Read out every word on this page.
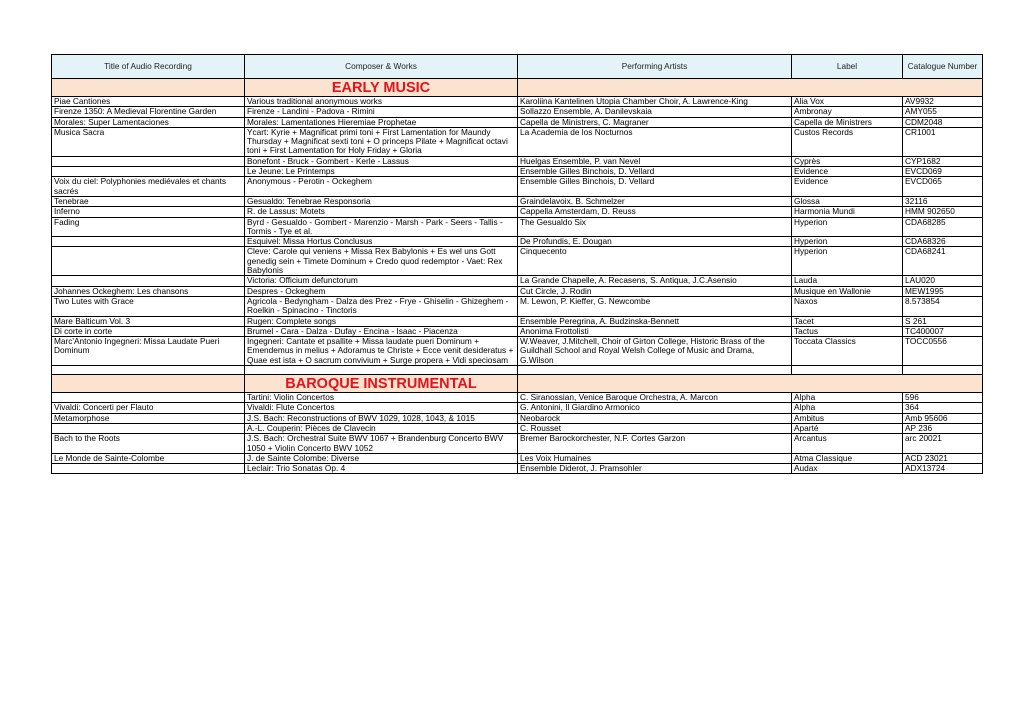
Title of Audio Recording	Composer & Works	Performing Artists	Label	Catalogue Number
	EARLY MUSIC			
Piae Cantiones	Various traditional anonymous works	Karoliina Kantelinen Utopia Chamber Choir, A. Lawrence-King	Alia Vox	AV9932
Firenze 1350: A Medieval Florentine Garden	Firenze - Landini - Padova - Rimini	Sollazzo Ensemble, A. Danilevskaia	Ambronay	AMY055
Morales: Super Lamentaciones	Morales: Lamentationes Hieremiae Prophetae	Capella de Ministrers, C. Magraner	Capella de Ministrers	CDM2048
Musica Sacra	Ycart: Kyrie + Magnificat primi toni + First Lamentation for Maundy Thursday + Magnificat sexti toni + O princeps Pilate + Magnificat octavi toni + First Lamentation for Holy Friday + Gloria	La Academia de los Nocturnos	Custos Records	CR1001
	Bonefont - Bruck - Gombert - Kerle - Lassus	Huelgas Ensemble, P. van Nevel	Cyprès	CYP1682
	Le Jeune: Le Printemps	Ensemble Gilles Binchois, D. Vellard	Evidence	EVCD069
Voix du ciel: Polyphonies mediévales et chants sacrés	Anonymous - Perotin - Ockeghem	Ensemble Gilles Binchois, D. Vellard	Evidence	EVCD065
Tenebrae	Gesualdo: Tenebrae Responsoria	Graindelavoix. B. Schmelzer	Glossa	32116
Inferno	R. de Lassus: Motets	Cappella Amsterdam, D. Reuss	Harmonia Mundi	HMM 902650
Fading	Byrd - Gesualdo - Gombert - Marenzio - Marsh - Park - Seers - Tallis - Tormis - Tye et al.	The Gesualdo Six	Hyperion	CDA68285
	Esquivel: Missa Hortus Conclusus	De Profundis, E. Dougan	Hyperion	CDA68326
	Cleve: Carole qui veniens + Missa Rex Babylonis + Es wel uns Gott genedig sein + Timete Dominum + Credo quod redemptor - Vaet: Rex Babylonis	Cinquecento	Hyperion	CDA68241
	Victoria: Officium defunctorum	La Grande Chapelle, A. Recasens, S. Antiqua, J.C.Asensio	Lauda	LAU020
Johannes Ockeghem: Les chansons	Despres - Ockeghem	Cut Circle, J. Rodin	Musique en Wallonie	MEW1995
Two Lutes with Grace	Agricola - Bedyngham - Dalza des Prez - Frye - Ghiselin - Ghizeghem - Roelkin - Spinacino - Tinctoris	M. Lewon, P. Kieffer, G. Newcombe	Naxos	8.573854
Mare Balticum Vol. 3	Rugen: Complete songs	Ensemble Peregrina, A. Budzinska-Bennett	Tacet	S 261
Di corte in corte	Brumel - Cara - Dalza - Dufay - Encina - Isaac - Piacenza	Anonima Frottolisti	Tactus	TC400007
Marc'Antonio Ingegneri: Missa Laudate Pueri Dominum	Ingegneri: Cantate et psallite + Missa laudate pueri Dominum + Emendemus in melius + Adoramus te Christe + Ecce venit desideratus + Quae est ista + O sacrum convivium + Surge propera + Vidi speciosam	W.Weaver, J.Mitchell, Choir of Girton College, Historic Brass of the Guildhall School and Royal Welsh College of Music and Drama, G.Wilson	Toccata Classics	TOCC0556

	BAROQUE INSTRUMENTAL			
	Tartini: Violin Concertos	C. Siranossian, Venice Baroque Orchestra, A. Marcon	Alpha	596
Vivaldi: Concerti per Flauto	Vivaldi: Flute Concertos	G. Antonini, Il Giardino Armonico	Alpha	364
Metamorphose	J.S. Bach: Reconstructions of BWV 1029, 1028, 1043, & 1015	Neobarock	Ambitus	Amb 95606
	A.-L. Couperin: Pièces de Clavecin	C. Rousset	Aparté	AP 236
Bach to the Roots	J.S. Bach: Orchestral Suite BWV 1067 + Brandenburg Concerto BWV 1050 + Violin Concerto BWV 1052	Bremer Barockorchester, N.F. Cortes Garzon	Arcantus	arc 20021
Le Monde de Sainte-Colombe	J. de Sainte Colombe: Diverse	Les Voix Humaines	Atma Classique	ACD 23021
	Leclair: Trio Sonatas Op. 4	Ensemble Diderot, J. Pramsohler	Audax	ADX13724
